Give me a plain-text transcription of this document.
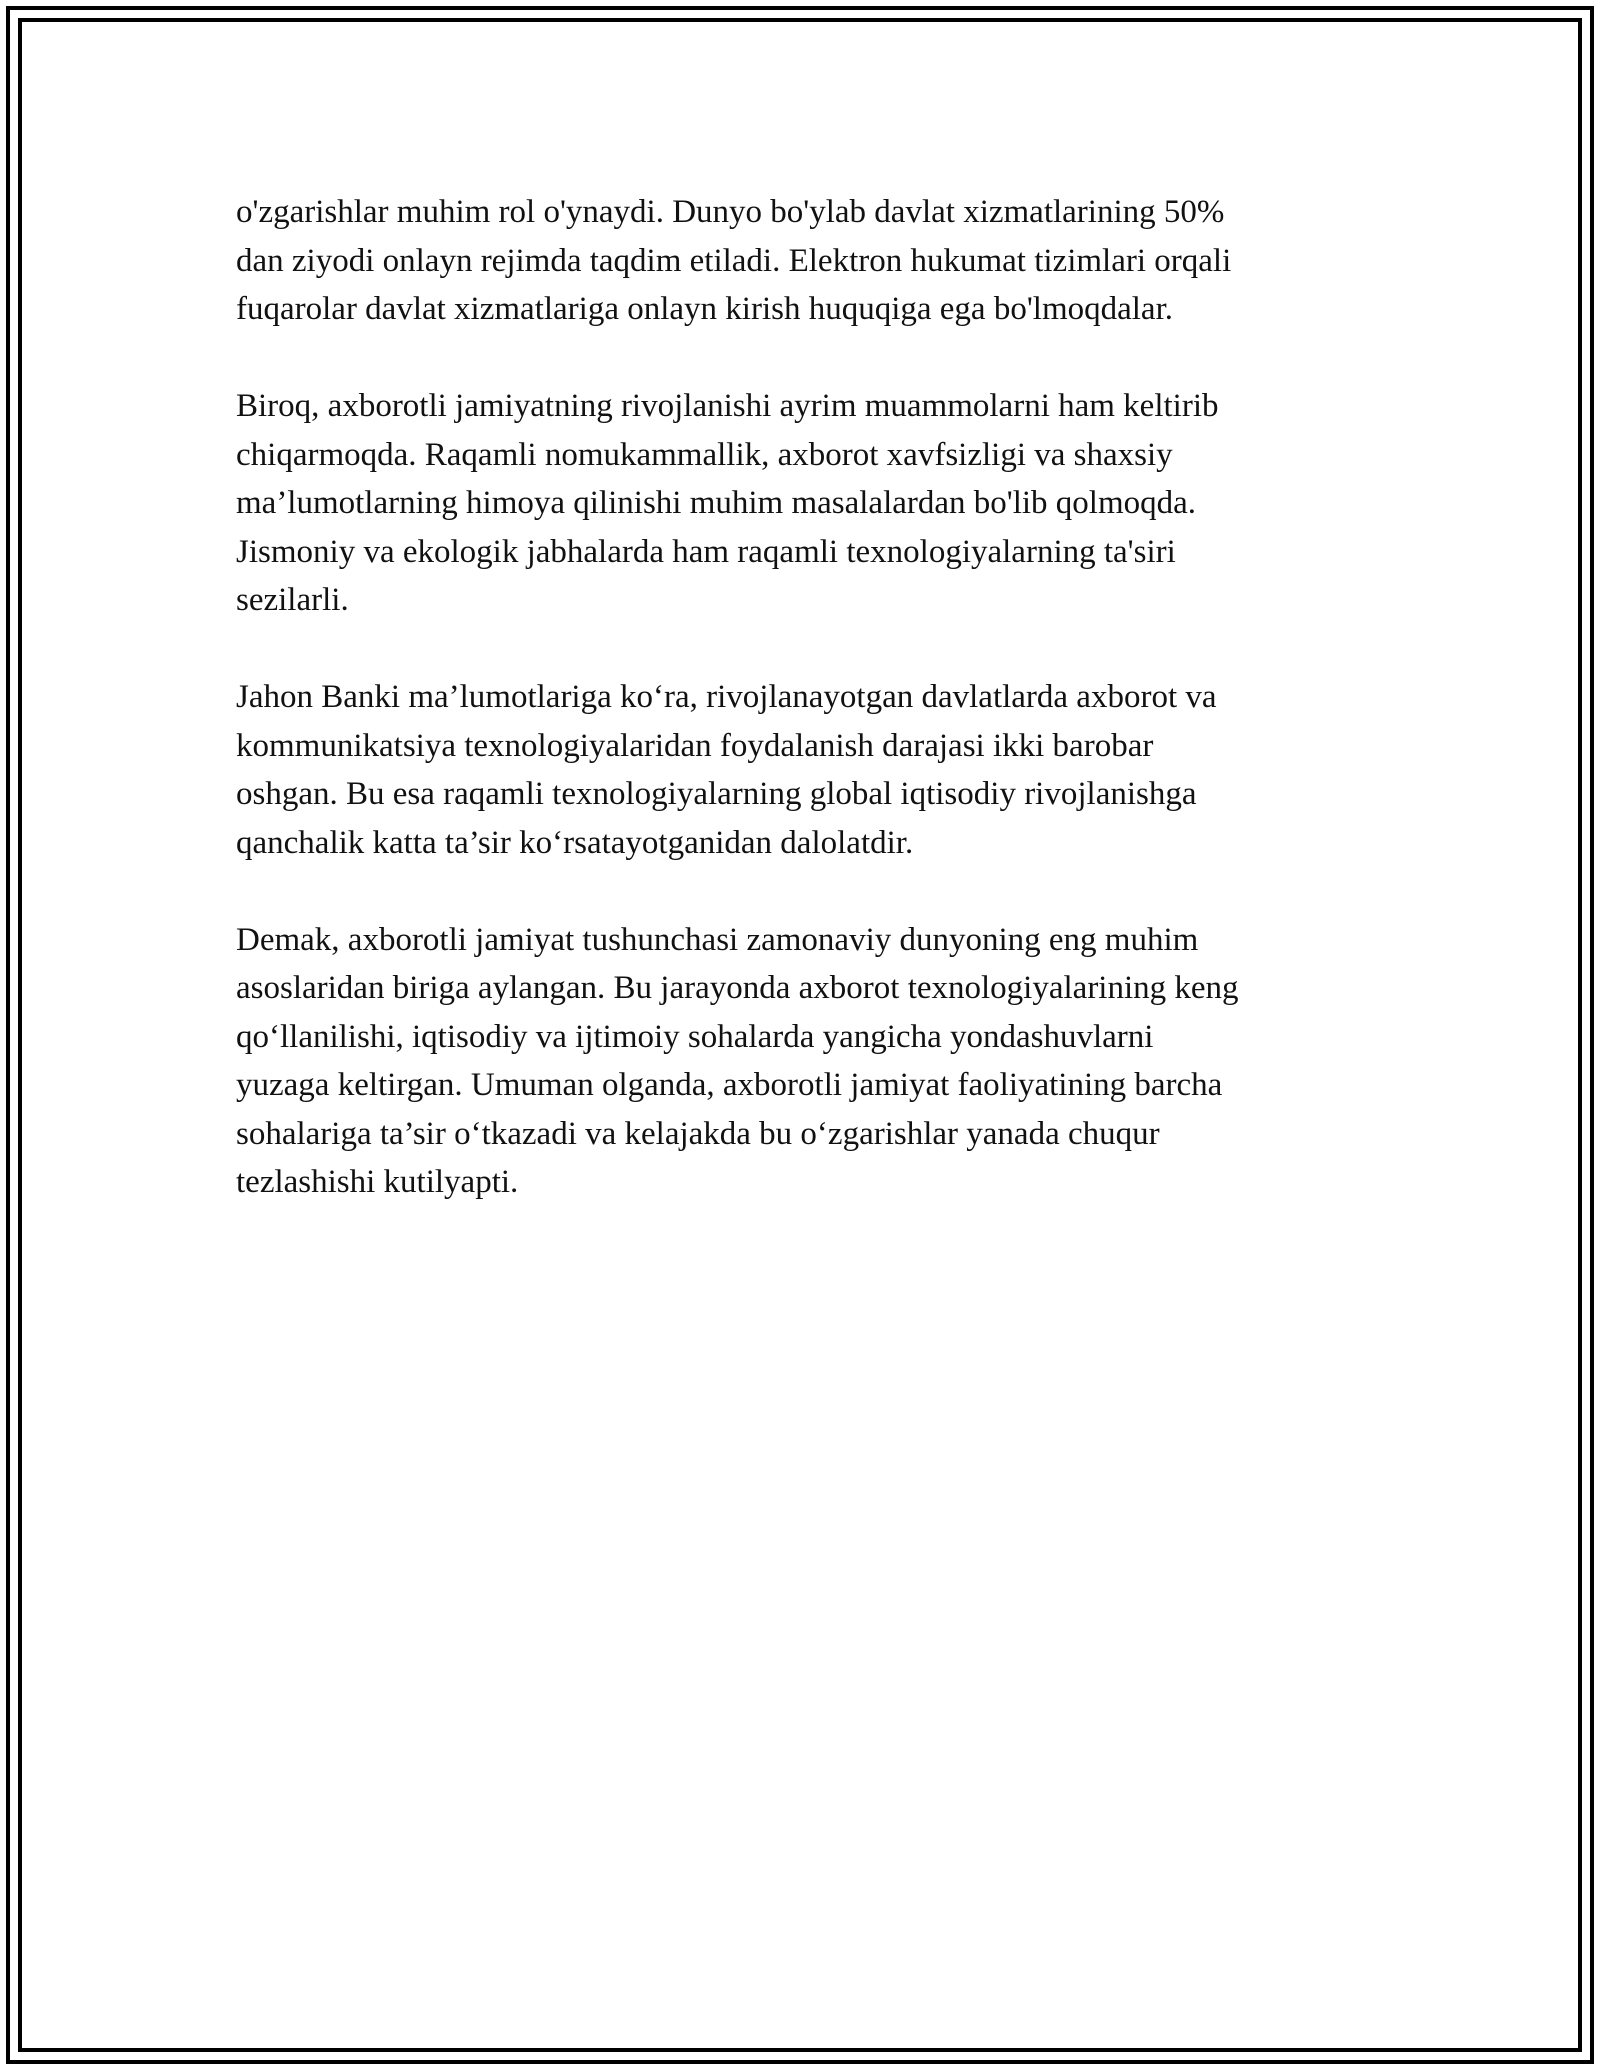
o'zgarishlar muhim rol o'ynaydi. Dunyo bo'ylab davlat xizmatlarining 50%
dan ziyodi onlayn rejimda taqdim etiladi. Elektron hukumat tizimlari orqali
fuqarolar davlat xizmatlariga onlayn kirish huquqiga ega bo'lmoqdalar.

Biroq, axborotli jamiyatning rivojlanishi ayrim muammolarni ham keltirib
chiqarmoqda. Raqamli nomukammallik, axborot xavfsizligi va shaxsiy
ma’lumotlarning himoya qilinishi muhim masalalardan bo'lib qolmoqda.
Jismoniy va ekologik jabhalarda ham raqamli texnologiyalarning ta'siri
sezilarli.

Jahon Banki ma’lumotlariga ko‘ra, rivojlanayotgan davlatlarda axborot va
kommunikatsiya texnologiyalaridan foydalanish darajasi ikki barobar
oshgan. Bu esa raqamli texnologiyalarning global iqtisodiy rivojlanishga
qanchalik katta ta’sir ko‘rsatayotganidan dalolatdir.

Demak, axborotli jamiyat tushunchasi zamonaviy dunyoning eng muhim
asoslaridan biriga aylangan. Bu jarayonda axborot texnologiyalarining keng
qo‘llanilishi, iqtisodiy va ijtimoiy sohalarda yangicha yondashuvlarni
yuzaga keltirgan. Umuman olganda, axborotli jamiyat faoliyatining barcha
sohalariga ta’sir o‘tkazadi va kelajakda bu o‘zgarishlar yanada chuqur
tezlashishi kutilyapti.
